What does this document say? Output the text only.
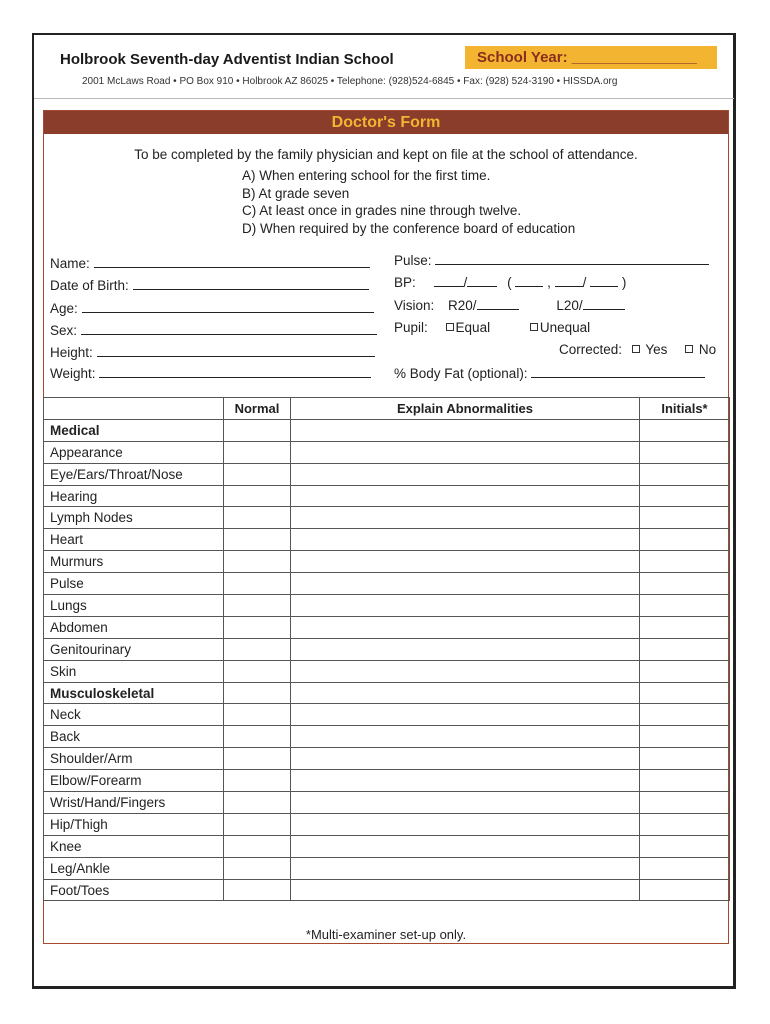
Holbrook Seventh-day Adventist Indian School	School Year: _______________
2001 McLaws Road • PO Box 910 • Holbrook AZ 86025 • Telephone: (928)524-6845 • Fax: (928) 524-3190 • HISSDA.org
Doctor's Form
To be completed by the family physician and kept on file at the school of attendance.
A) When entering school for the first time.
B) At grade seven
C) At least once in grades nine through twelve.
D) When required by the conference board of education
Name:
Date of Birth:
Age:
Sex:
Height:
Weight:
Pulse:
BP:	/	(	, /	)
Vision: R20/	L20/
Pupil: Equal	Unequal
Corrected: Yes No
% Body Fat (optional):
	Normal	Explain Abnormalities	Initials*
Medical			
Appearance			
Eye/Ears/Throat/Nose			
Hearing			
Lymph Nodes			
Heart			
Murmurs			
Pulse			
Lungs			
Abdomen			
Genitourinary			
Skin			
Musculoskeletal			
Neck			
Back			
Shoulder/Arm			
Elbow/Forearm			
Wrist/Hand/Fingers			
Hip/Thigh			
Knee			
Leg/Ankle			
Foot/Toes			
*Multi-examiner set-up only.
